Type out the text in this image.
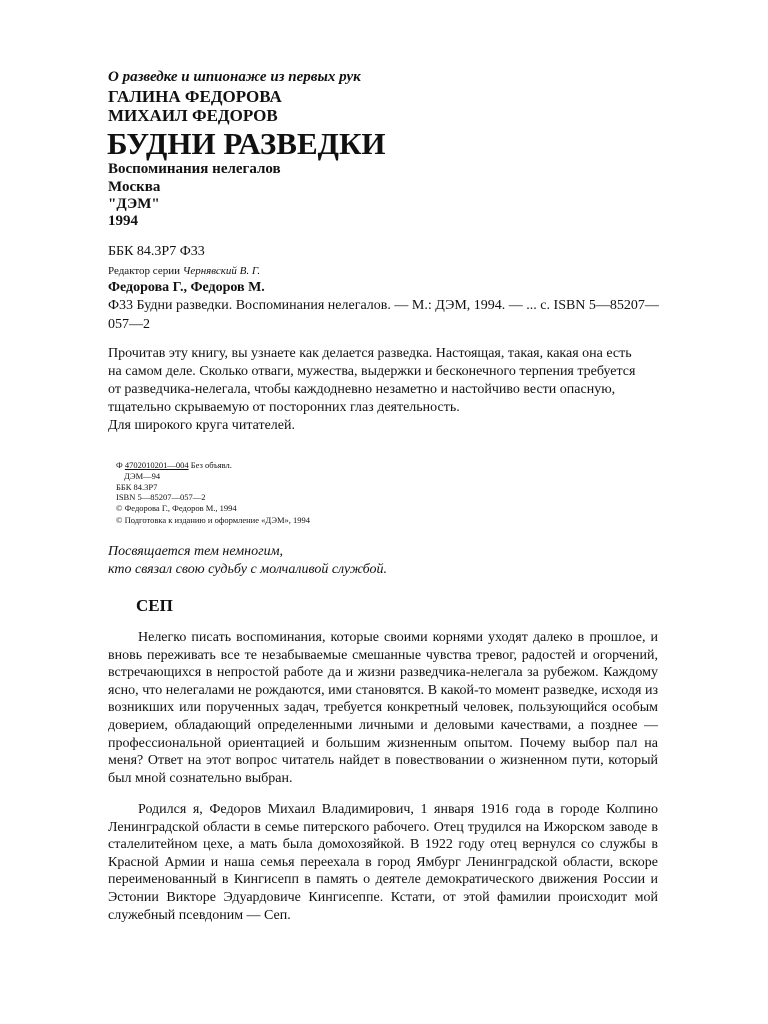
О разведке и шпионаже из первых рук

ГАЛИНА ФЕДОРОВА

МИХАИЛ ФЕДОРОВ

БУДНИ РАЗВЕДКИ

Воспоминания нелегалов

Москва

"ДЭМ"

1994

ББК 84.3Р7 Ф33

Редактор серии Чернявский В. Г.

Федорова Г., Федоров М.

Ф33 Будни разведки. Воспоминания нелегалов. — М.: ДЭМ, 1994. — ... с. ISBN 5—85207—057—2

Прочитав эту книгу, вы узнаете как делается разведка. Настоящая, такая, какая она есть на самом деле. Сколько отваги, мужества, выдержки и бесконечного терпения требуется от разведчика-нелегала, чтобы каждодневно незаметно и настойчиво вести опасную, тщательно скрываемую от посторонних глаз деятельность.
Для широкого круга читателей.

Ф 4702010201—004 Без объявл.

ДЭМ—94

ББК 84.3Р7

ISBN 5—85207—057—2

© Федорова Г., Федоров М., 1994

© Подготовка к изданию и оформление «ДЭМ», 1994

Посвящается тем немногим,
кто связал свою судьбу с молчаливой службой.
СЕП

Нелегко писать воспоминания, которые своими корнями уходят далеко в прошлое, и вновь переживать все те незабываемые смешанные чувства тревог, радостей и огорчений, встречающихся в непростой работе да и жизни разведчика-нелегала за рубежом. Каждому ясно, что нелегалами не рождаются, ими становятся. В какой-то момент разведке, исходя из возникших или порученных задач, требуется конкретный человек, пользующийся особым доверием, обладающий определенными личными и деловыми качествами, а позднее — профессиональной ориентацией и большим жизненным опытом. Почему выбор пал на меня? Ответ на этот вопрос читатель найдет в повествовании о жизненном пути, который был мной сознательно выбран.

Родился я, Федоров Михаил Владимирович, 1 января 1916 года в городе Колпино Ленинградской области в семье питерского рабочего. Отец трудился на Ижорском заводе в сталелитейном цехе, а мать была домохозяйкой. В 1922 году отец вернулся со службы в Красной Армии и наша семья переехала в город Ямбург Ленинградской области, вскоре переименованный в Кингисепп в память о деятеле демократического движения России и Эстонии Викторе Эдуардовиче Кингисеппе. Кстати, от этой фамилии происходит мой служебный псевдоним — Сеп.
